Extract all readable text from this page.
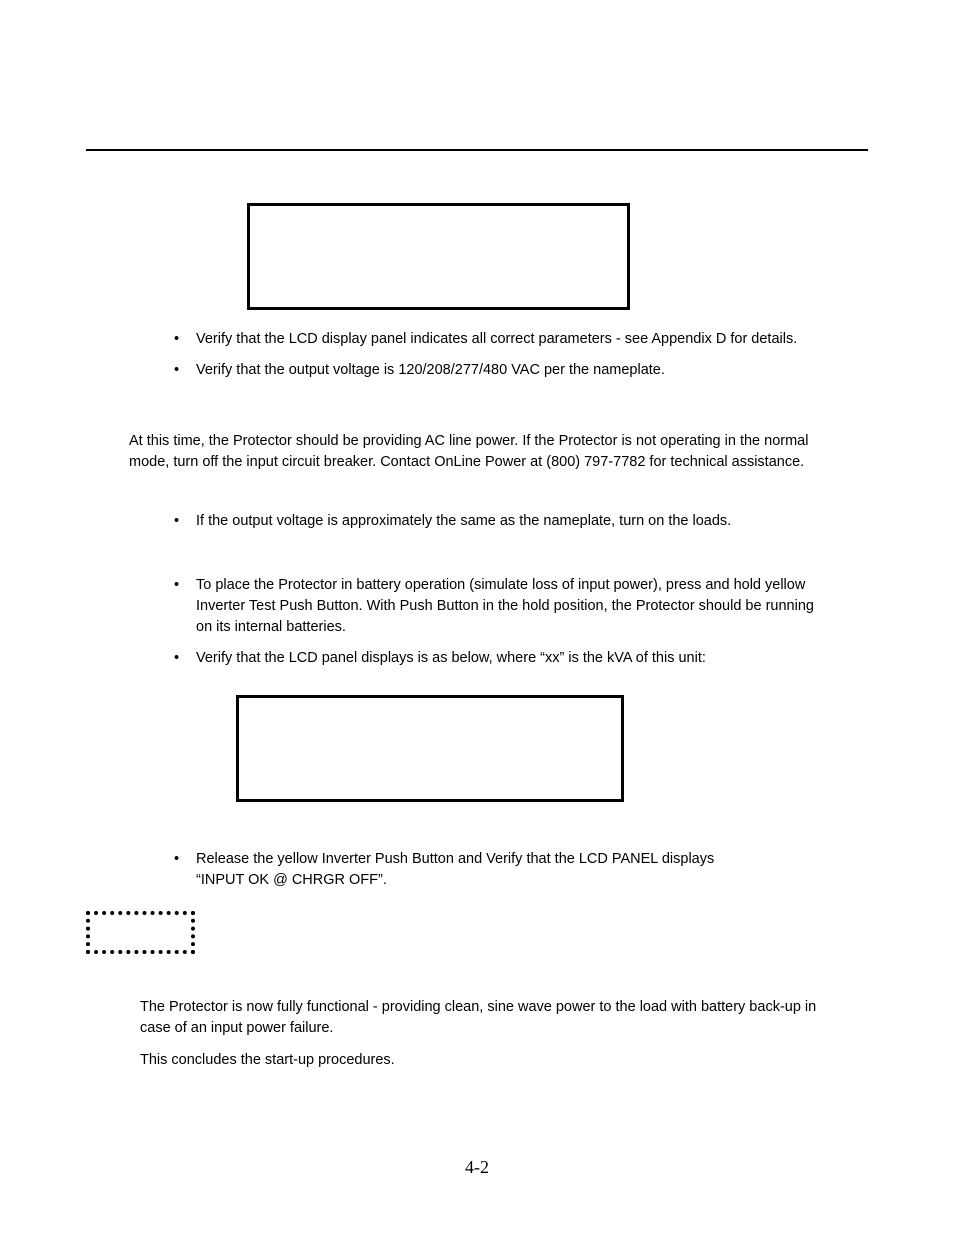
• Verify that the LCD display panel indicates all correct parameters - see Appendix D for details.
• Verify that the output voltage is 120/208/277/480 VAC per the nameplate.
At this time, the Protector should be providing AC line power. If the Protector is not operating in the normal
mode, turn off the input circuit breaker. Contact OnLine Power at (800) 797-7782 for technical assistance.
• If the output voltage is approximately the same as the nameplate, turn on the loads.
• To place the Protector in battery operation (simulate loss of input power), press and hold yellow
Inverter Test Push Button. With Push Button in the hold position, the Protector should be running
on its internal batteries.
• Verify that the LCD panel displays is as below, where “xx” is the kVA of this unit:
• Release the yellow Inverter Push Button and Verify that the LCD PANEL displays
“INPUT OK @ CHRGR OFF”.
The Protector is now fully functional - providing clean, sine wave power to the load with battery back-up in
case of an input power failure.
This concludes the start-up procedures.
4-2
